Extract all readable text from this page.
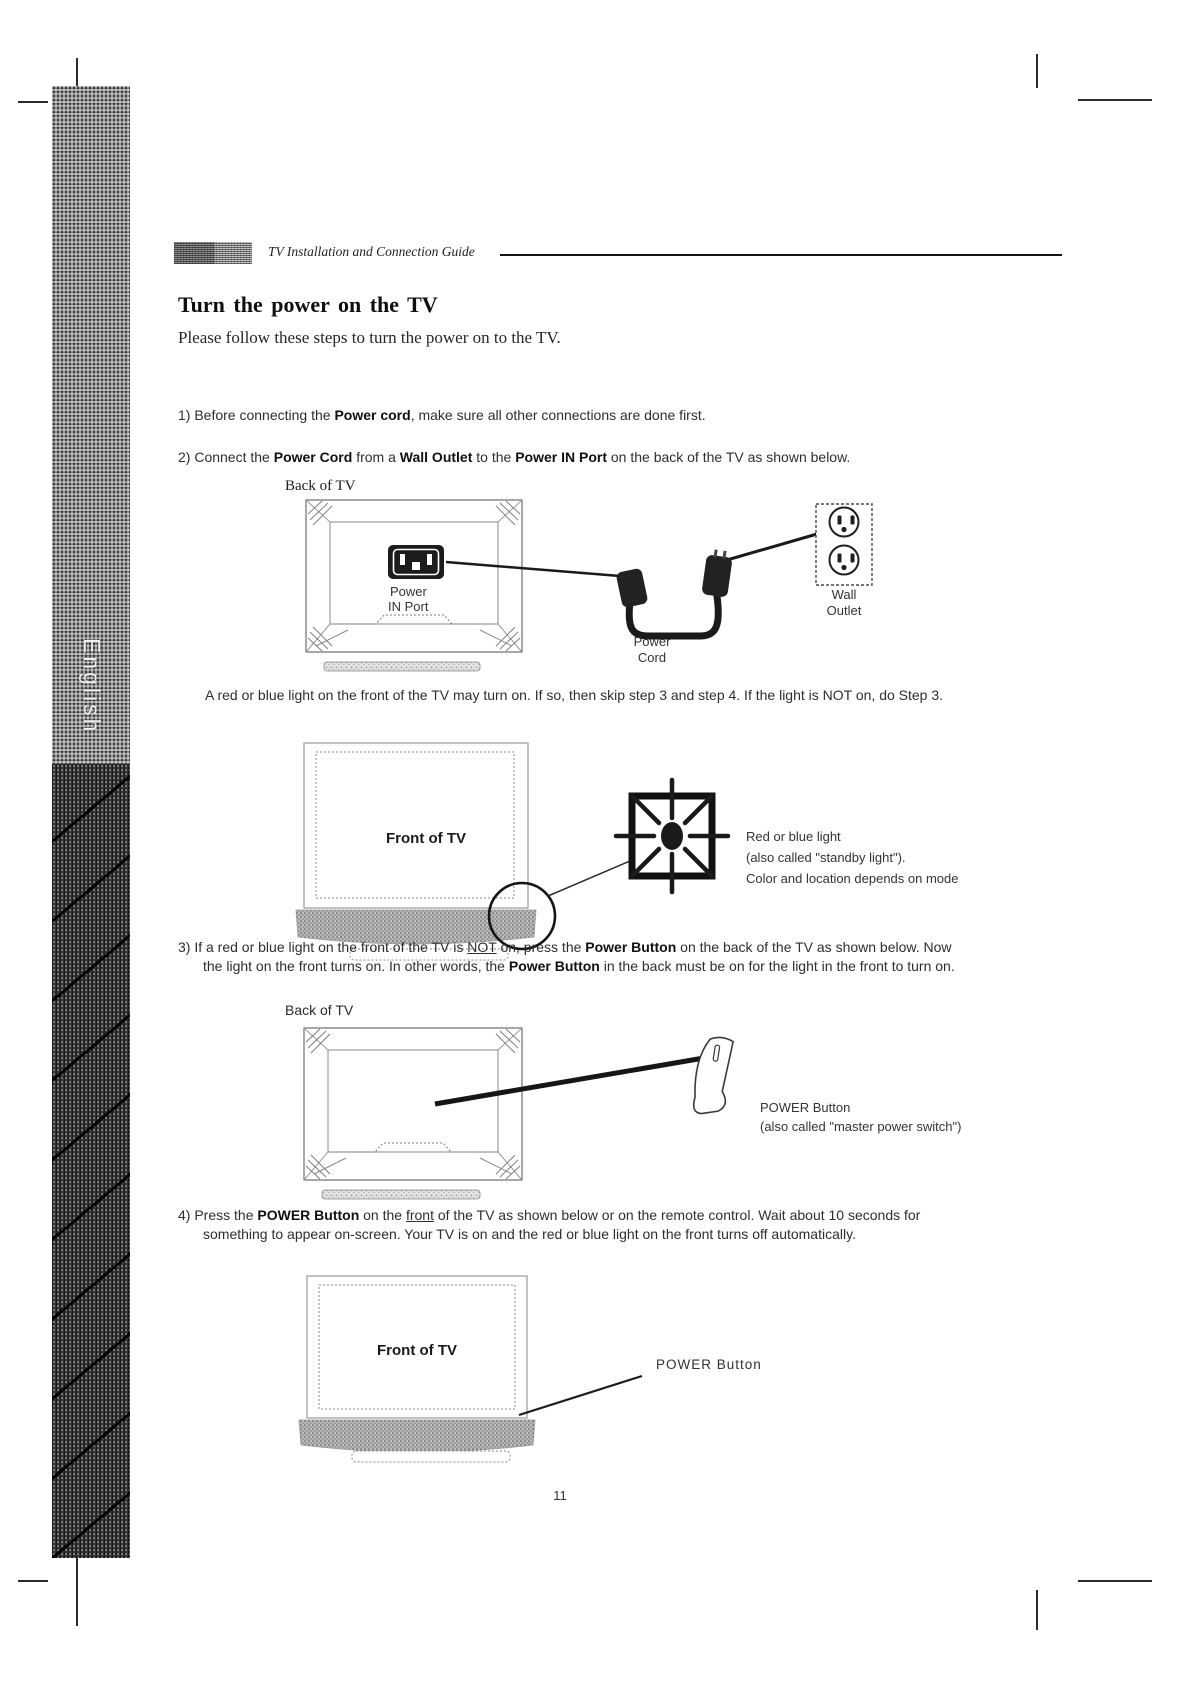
English
TV Installation and Connection Guide
Turn the power on the TV
Please follow these steps to turn the power on to the TV.
1) Before connecting the Power cord, make sure all other connections are done first.
2) Connect the Power Cord from a Wall Outlet to the Power IN Port on the back of the TV as shown below.
Back of TV
Power
IN Port
Power
Cord
Wall
Outlet
A red or blue light on the front of the TV may turn on. If so, then skip step 3 and step 4. If the light is NOT on, do Step 3.
Front of TV	Red or blue light
(also called "standby light").
Color and location depends on mode
3) If a red or blue light on the front of the TV is NOT on, press the Power Button on the back of the TV as shown below. Now the light on the front turns on. In other words, the Power Button in the back must be on for the light in the front to turn on.
Back of TV
POWER Button
(also called "master power switch")
4) Press the POWER Button on the front of the TV as shown below or on the remote control. Wait about 10 seconds for something to appear on-screen. Your TV is on and the red or blue light on the front turns off automatically.
Front of TV
POWER Button
11
